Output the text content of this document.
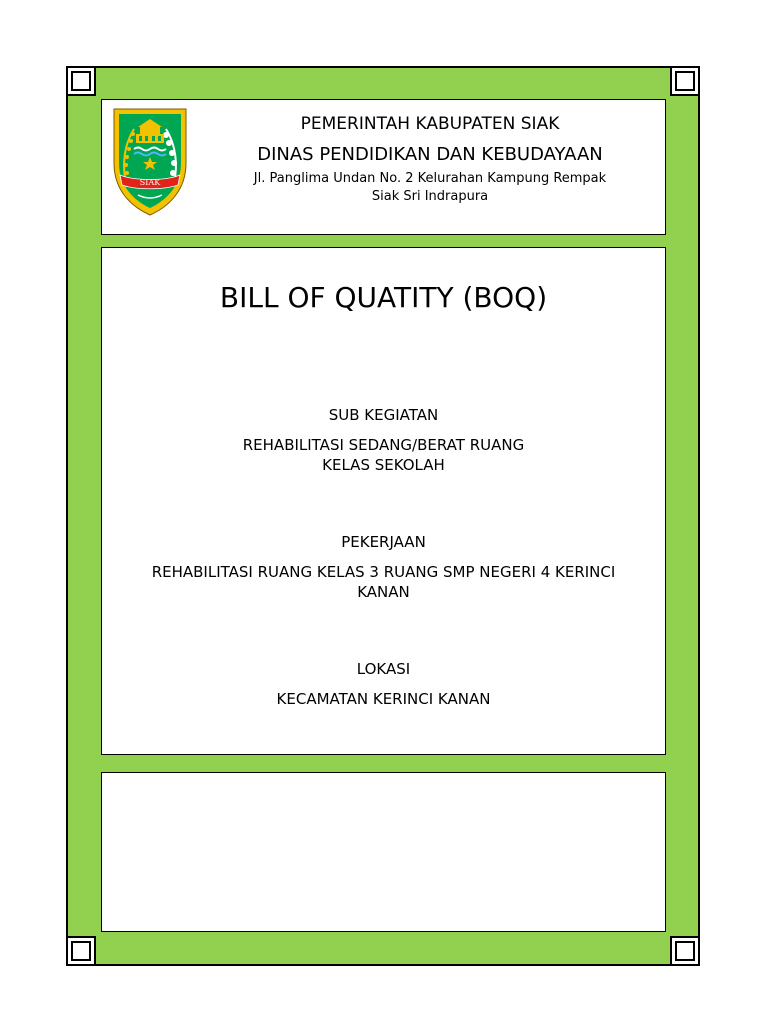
SIAK
PEMERINTAH KABUPATEN SIAK
DINAS PENDIDIKAN DAN KEBUDAYAAN
Jl. Panglima Undan No. 2 Kelurahan Kampung Rempak
Siak Sri Indrapura
BILL OF QUATITY (BOQ)
SUB KEGIATAN
REHABILITASI SEDANG/BERAT RUANG KELAS SEKOLAH
PEKERJAAN
REHABILITASI RUANG KELAS 3 RUANG SMP NEGERI 4 KERINCI KANAN
LOKASI
KECAMATAN KERINCI KANAN
